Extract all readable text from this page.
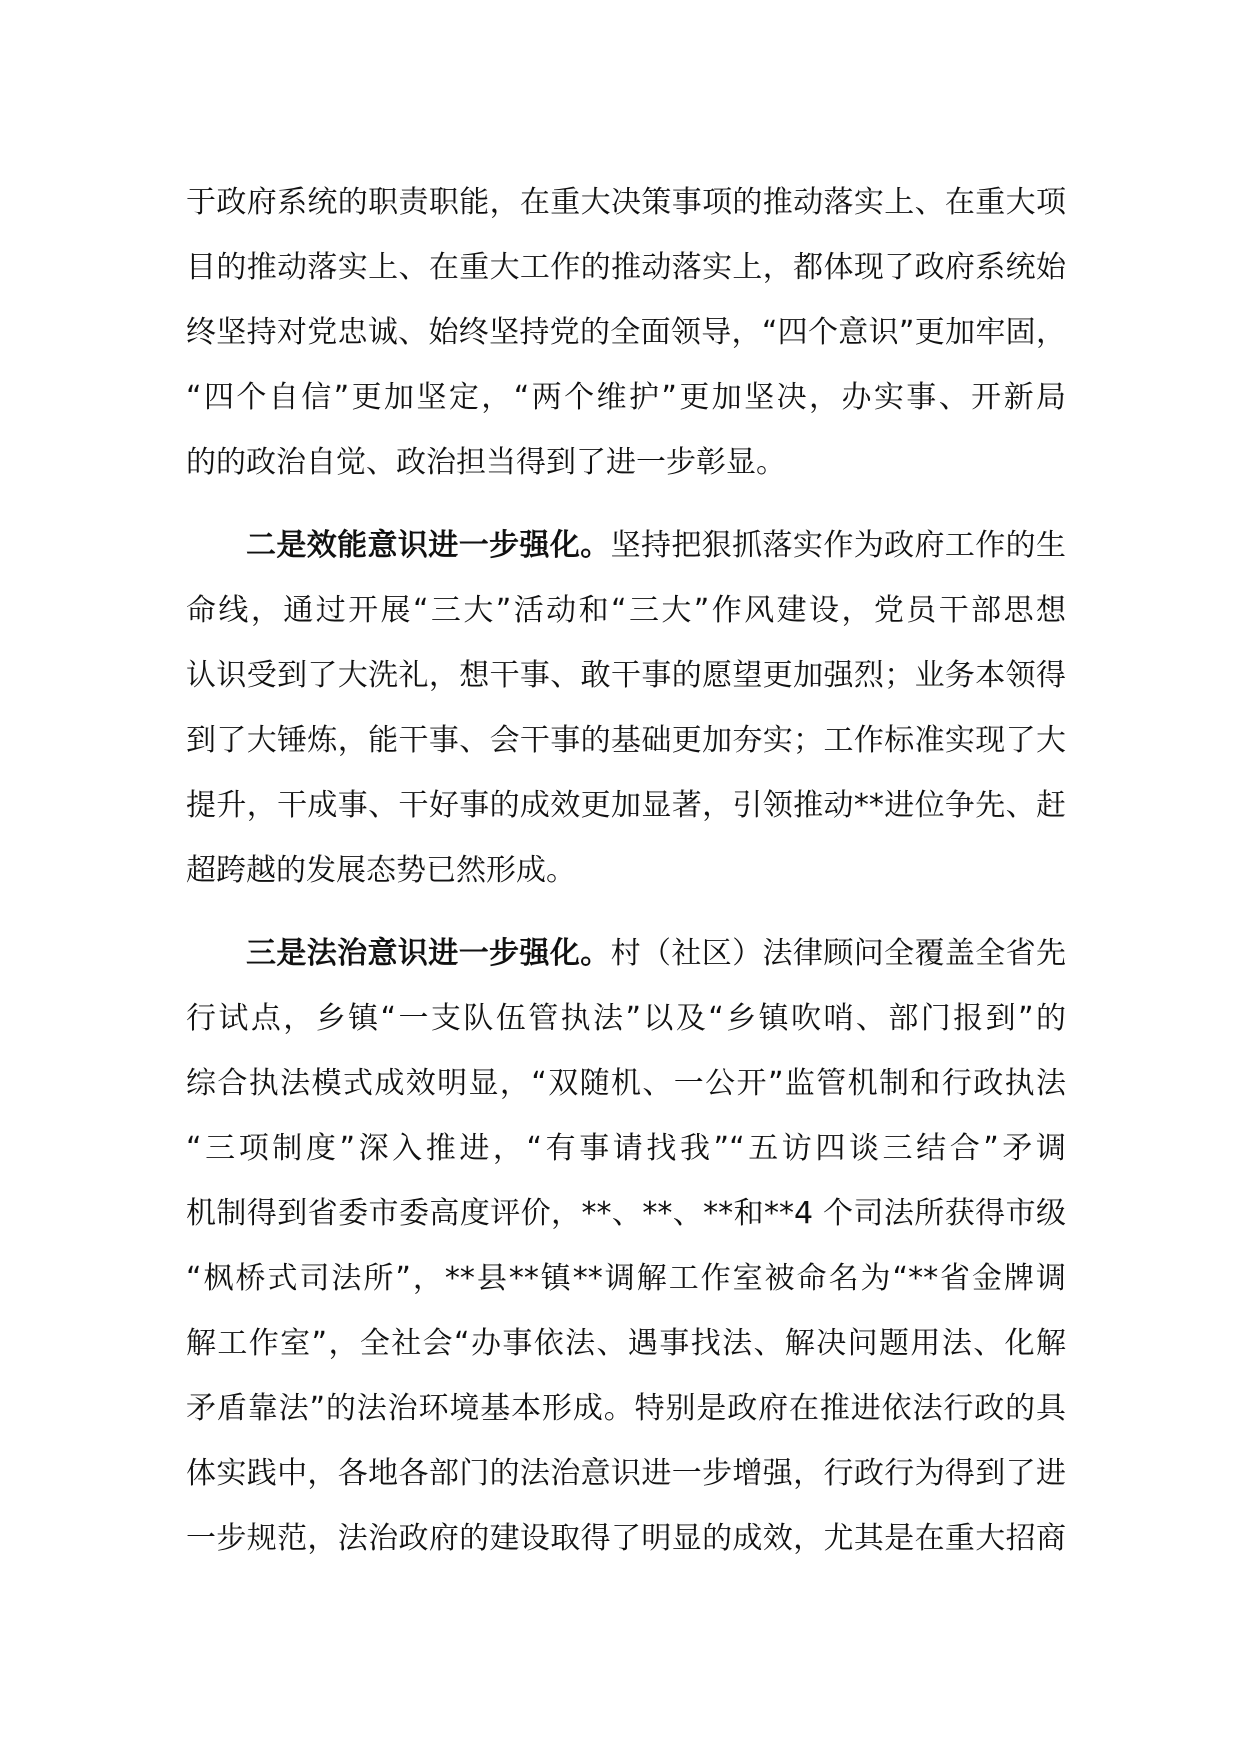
于政府系统的职责职能，在重大决策事项的推动落实上、在重大项
目的推动落实上、在重大工作的推动落实上，都体现了政府系统始
终坚持对党忠诚、始终坚持党的全面领导，“四个意识”更加牢固，
“四个自信”更加坚定，“两个维护”更加坚决，办实事、开新局
的的政治自觉、政治担当得到了进一步彰显。

二是效能意识进一步强化。坚持把狠抓落实作为政府工作的生
命线，通过开展“三大”活动和“三大”作风建设，党员干部思想
认识受到了大洗礼，想干事、敢干事的愿望更加强烈；业务本领得
到了大锤炼，能干事、会干事的基础更加夯实；工作标准实现了大
提升，干成事、干好事的成效更加显著，引领推动**进位争先、赶
超跨越的发展态势已然形成。

三是法治意识进一步强化。村（社区）法律顾问全覆盖全省先
行试点，乡镇“一支队伍管执法”以及“乡镇吹哨、部门报到”的
综合执法模式成效明显，“双随机、一公开”监管机制和行政执法
“三项制度”深入推进，“有事请找我”“五访四谈三结合”矛调
机制得到省委市委高度评价，**、**、**和**4 个司法所获得市级
“枫桥式司法所”，**县**镇**调解工作室被命名为“**省金牌调
解工作室”，全社会“办事依法、遇事找法、解决问题用法、化解
矛盾靠法”的法治环境基本形成。特别是政府在推进依法行政的具
体实践中，各地各部门的法治意识进一步增强，行政行为得到了进
一步规范，法治政府的建设取得了明显的成效，尤其是在重大招商
